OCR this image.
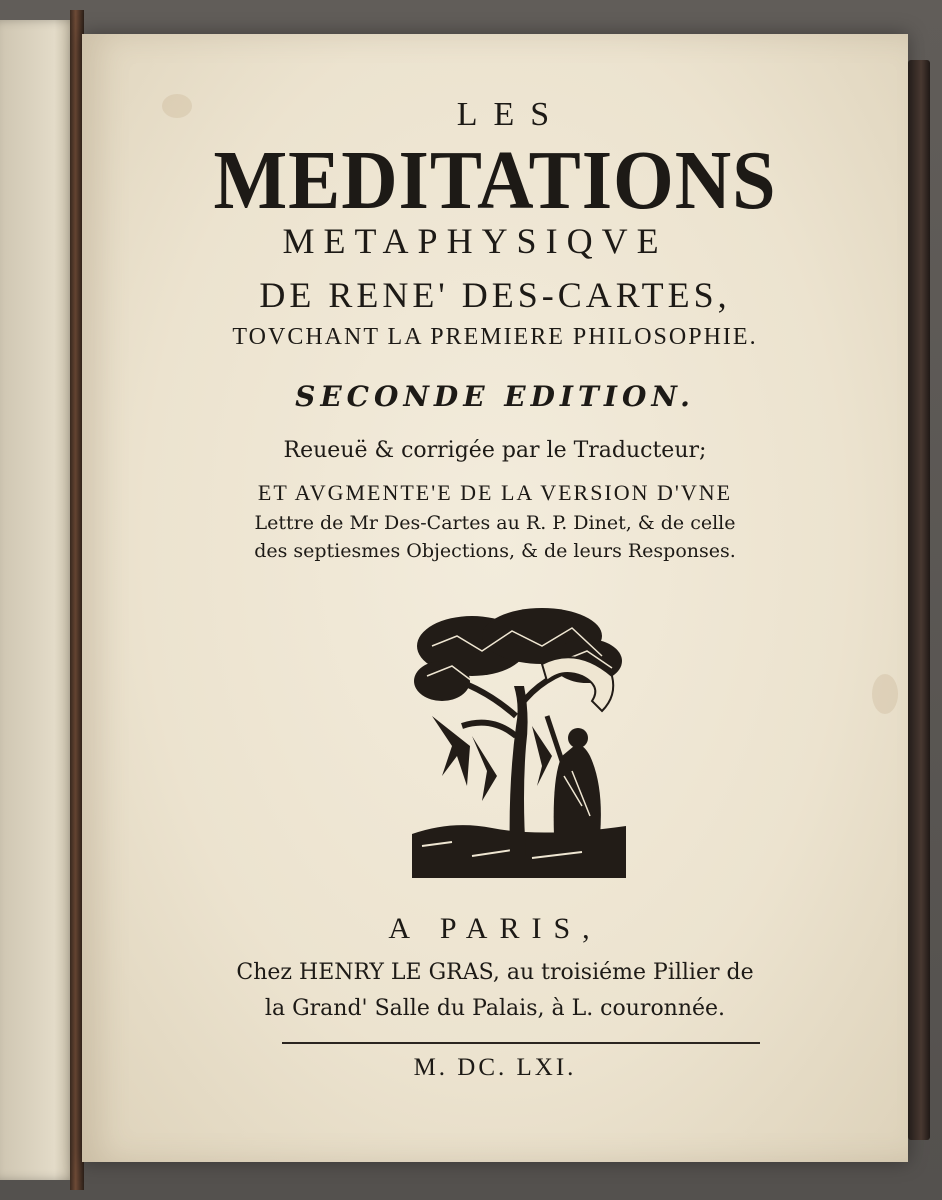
LES
MEDITATIONS
METAPHYSIQVE
DE RENE' DES-CARTES,
TOVCHANT LA PREMIERE PHILOSOPHIE.
SECONDE EDITION.
Reueuë & corrigée par le Traducteur;
ET AVGMENTE'E DE LA VERSION D'VNE
Lettre de Mr Des-Cartes au R. P. Dinet, & de celle
des septiesmes Objections, & de leurs Responses.
A PARIS,
Chez HENRY LE GRAS, au troisiéme Pillier de
la Grand' Salle du Palais, à L. couronnée.
M. DC. LXI.
